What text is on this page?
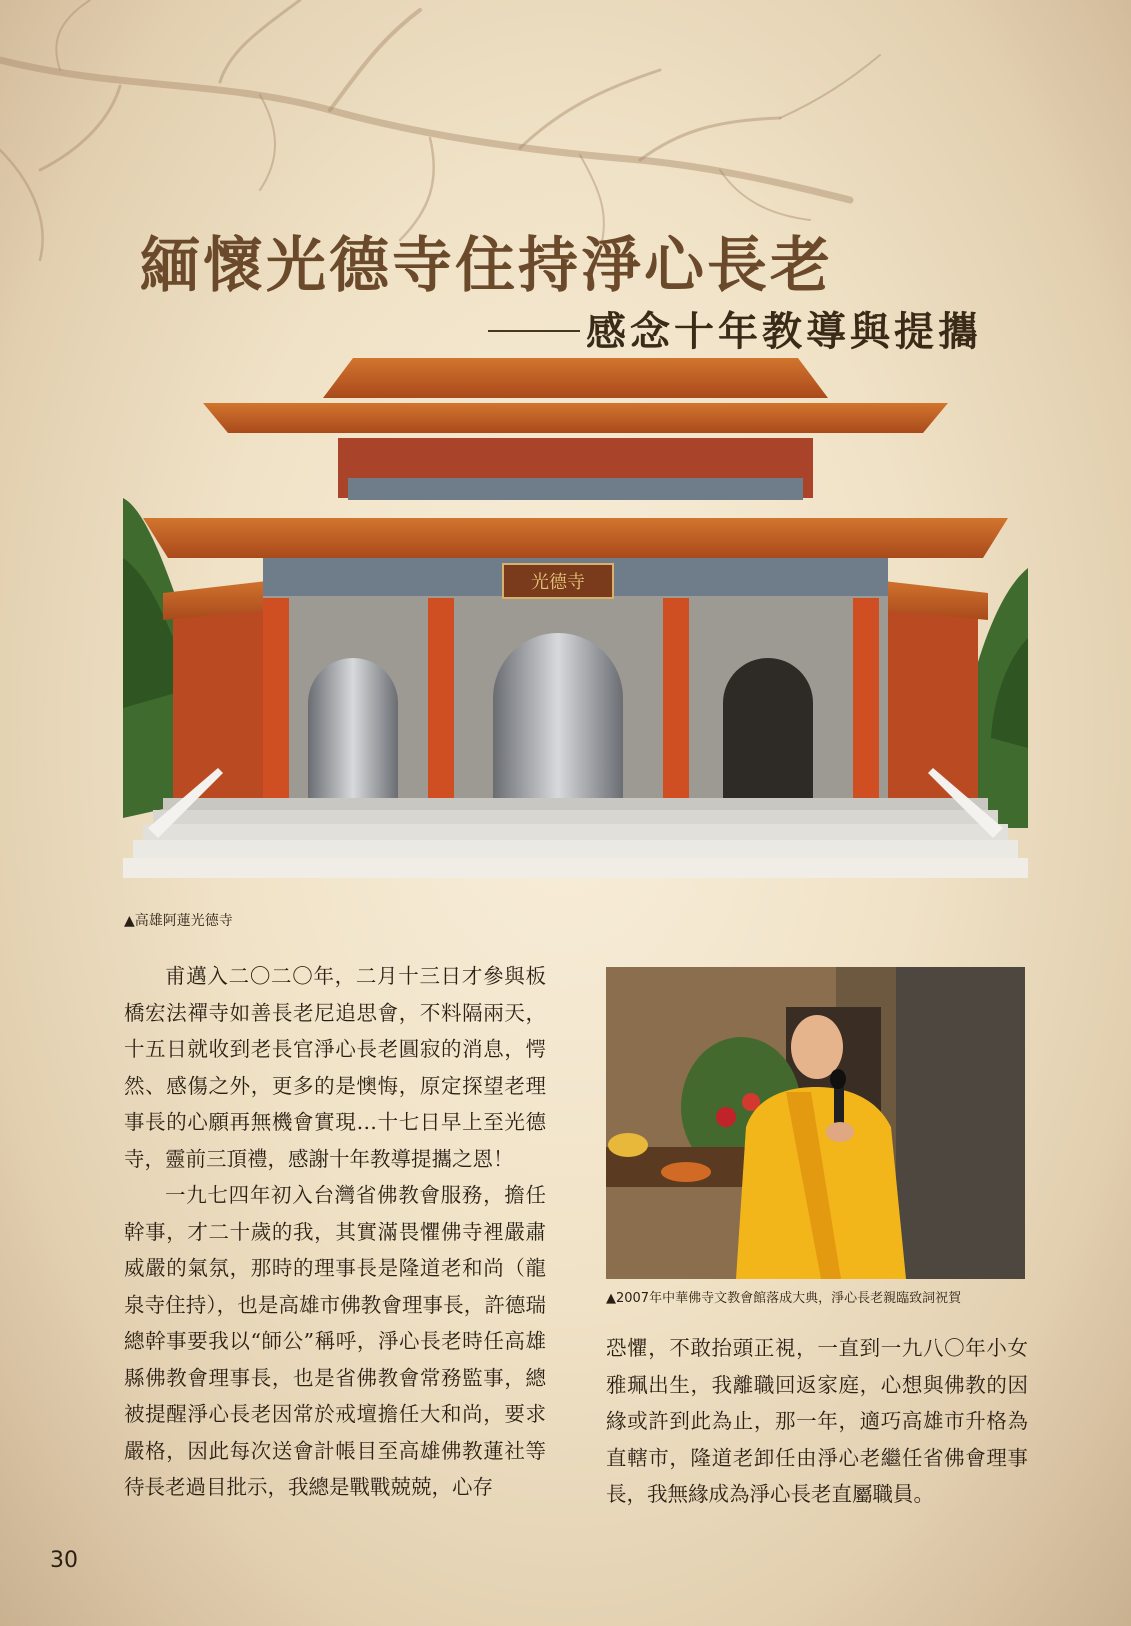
緬懷光德寺住持淨心長老
感念十年教導與提攜
光德寺
▲高雄阿蓮光德寺

甫邁入二〇二〇年，二月十三日才參與板橋宏法禪寺如善長老尼追思會，不料隔兩天，十五日就收到老長官淨心長老圓寂的消息，愕然、感傷之外，更多的是懊悔，原定探望老理事長的心願再無機會實現…十七日早上至光德寺，靈前三頂禮，感謝十年教導提攜之恩！

一九七四年初入台灣省佛教會服務，擔任幹事，才二十歲的我，其實滿畏懼佛寺裡嚴肅威嚴的氣氛，那時的理事長是隆道老和尚（龍泉寺住持），也是高雄市佛教會理事長，許德瑞總幹事要我以“師公”稱呼，淨心長老時任高雄縣佛教會理事長，也是省佛教會常務監事，總被提醒淨心長老因常於戒壇擔任大和尚，要求嚴格，因此每次送會計帳目至高雄佛教蓮社等待長老過目批示，我總是戰戰兢兢，心存

▲2007年中華佛寺文教會館落成大典，淨心長老親臨致詞祝賀

恐懼，不敢抬頭正視，一直到一九八〇年小女雅珮出生，我離職回返家庭，心想與佛教的因緣或許到此為止，那一年，適巧高雄市升格為直轄市，隆道老卸任由淨心老繼任省佛會理事長，我無緣成為淨心長老直屬職員。

30
